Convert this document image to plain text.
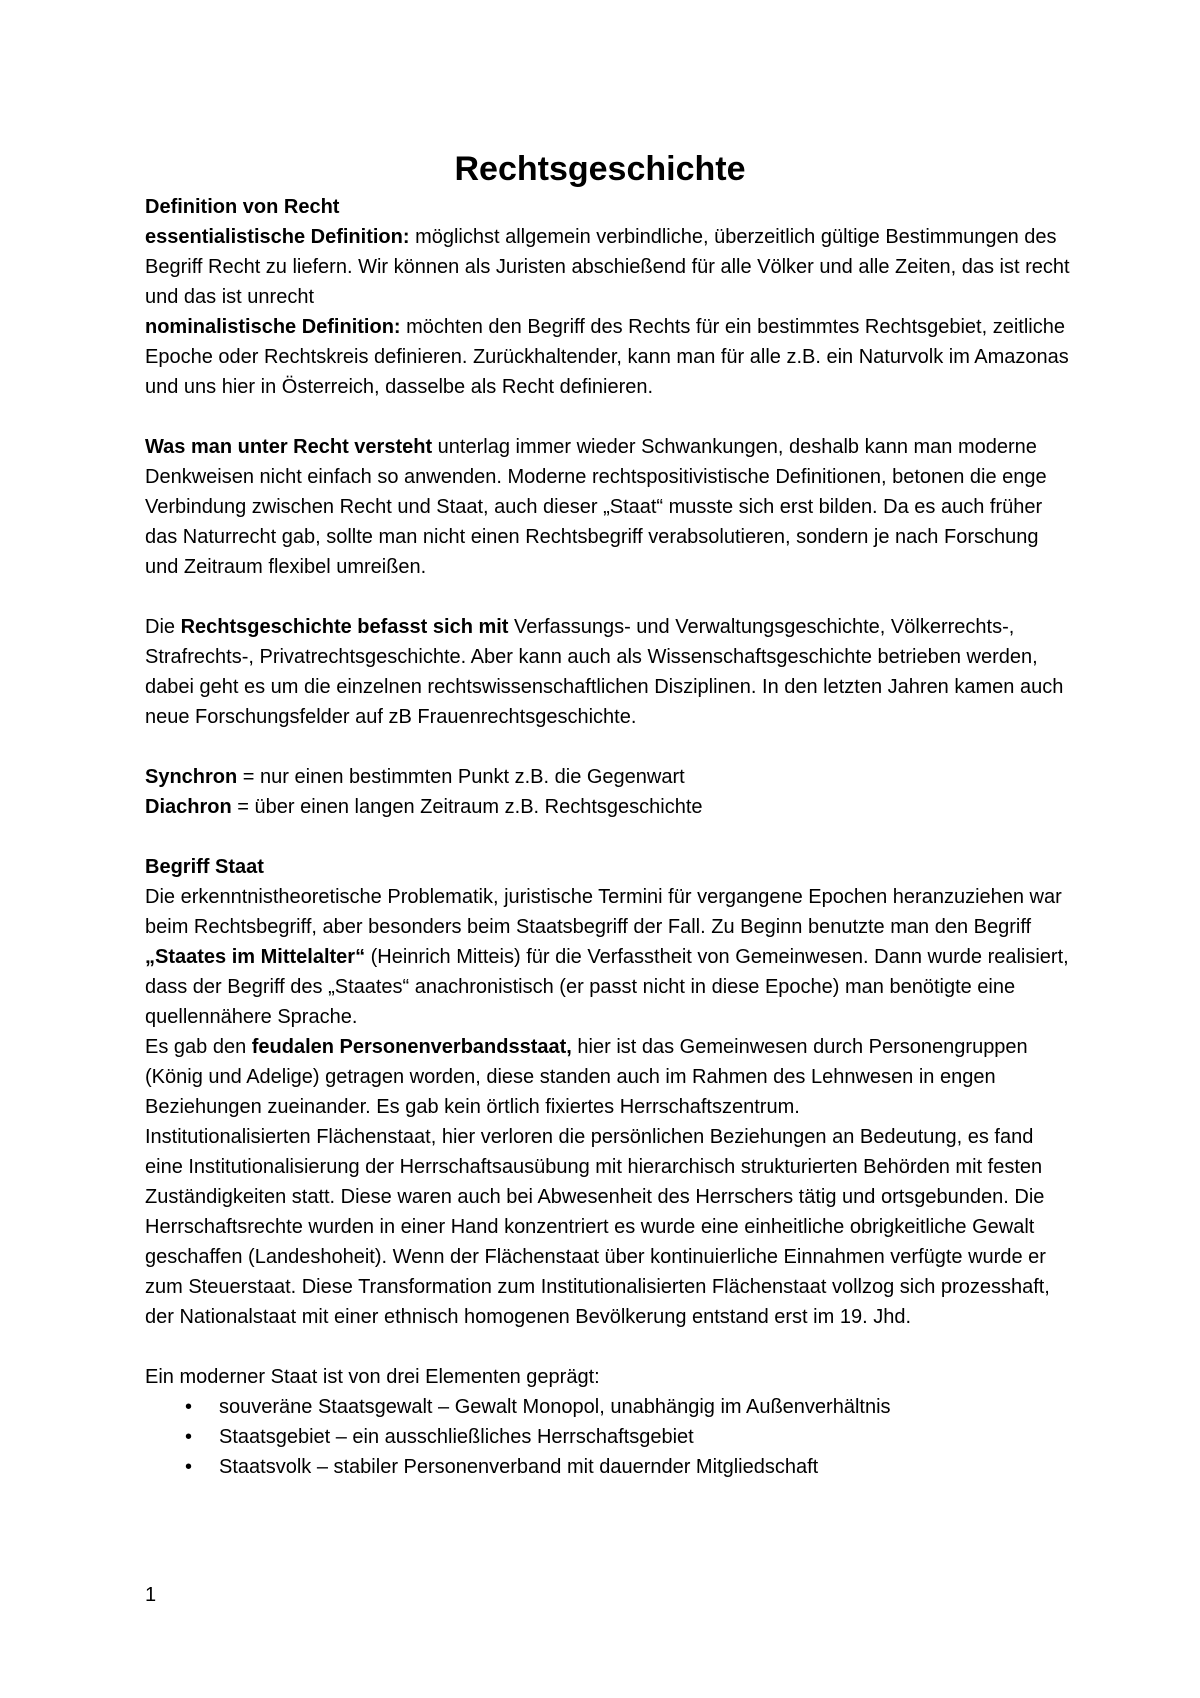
Rechtsgeschichte

Definition von Recht

essentialistische Definition: möglichst allgemein verbindliche, überzeitlich gültige Bestimmungen des Begriff Recht zu liefern. Wir können als Juristen abschießend für alle Völker und alle Zeiten, das ist recht und das ist unrecht

nominalistische Definition: möchten den Begriff des Rechts für ein bestimmtes Rechtsgebiet, zeitliche Epoche oder Rechtskreis definieren. Zurückhaltender, kann man für alle z.B. ein Naturvolk im Amazonas und uns hier in Österreich, dasselbe als Recht definieren.

Was man unter Recht versteht unterlag immer wieder Schwankungen, deshalb kann man moderne Denkweisen nicht einfach so anwenden. Moderne rechtspositivistische Definitionen, betonen die enge Verbindung zwischen Recht und Staat, auch dieser „Staat“ musste sich erst bilden. Da es auch früher das Naturrecht gab, sollte man nicht einen Rechtsbegriff verabsolutieren, sondern je nach Forschung und Zeitraum flexibel umreißen.

Die Rechtsgeschichte befasst sich mit Verfassungs- und Verwaltungsgeschichte, Völkerrechts-, Strafrechts-, Privatrechtsgeschichte. Aber kann auch als Wissenschaftsgeschichte betrieben werden, dabei geht es um die einzelnen rechtswissenschaftlichen Disziplinen. In den letzten Jahren kamen auch neue Forschungsfelder auf zB Frauenrechtsgeschichte.

Synchron = nur einen bestimmten Punkt z.B. die Gegenwart

Diachron = über einen langen Zeitraum z.B. Rechtsgeschichte

Begriff Staat

Die erkenntnistheoretische Problematik, juristische Termini für vergangene Epochen heranzuziehen war beim Rechtsbegriff, aber besonders beim Staatsbegriff der Fall. Zu Beginn benutzte man den Begriff „Staates im Mittelalter“ (Heinrich Mitteis) für die Verfasstheit von Gemeinwesen. Dann wurde realisiert, dass der Begriff des „Staates“ anachronistisch (er passt nicht in diese Epoche) man benötigte eine quellennähere Sprache.

Es gab den feudalen Personenverbandsstaat, hier ist das Gemeinwesen durch Personengruppen (König und Adelige) getragen worden, diese standen auch im Rahmen des Lehnwesen in engen Beziehungen zueinander. Es gab kein örtlich fixiertes Herrschaftszentrum.

Institutionalisierten Flächenstaat, hier verloren die persönlichen Beziehungen an Bedeutung, es fand eine Institutionalisierung der Herrschaftsausübung mit hierarchisch strukturierten Behörden mit festen Zuständigkeiten statt. Diese waren auch bei Abwesenheit des Herrschers tätig und ortsgebunden. Die Herrschaftsrechte wurden in einer Hand konzentriert es wurde eine einheitliche obrigkeitliche Gewalt geschaffen (Landeshoheit). Wenn der Flächenstaat über kontinuierliche Einnahmen verfügte wurde er zum Steuerstaat. Diese Transformation zum Institutionalisierten Flächenstaat vollzog sich prozesshaft, der Nationalstaat mit einer ethnisch homogenen Bevölkerung entstand erst im 19. Jhd.

Ein moderner Staat ist von drei Elementen geprägt:

•	souveräne Staatsgewalt – Gewalt Monopol, unabhängig im Außenverhältnis
•	Staatsgebiet – ein ausschließliches Herrschaftsgebiet
•	Staatsvolk – stabiler Personenverband mit dauernder Mitgliedschaft
1
